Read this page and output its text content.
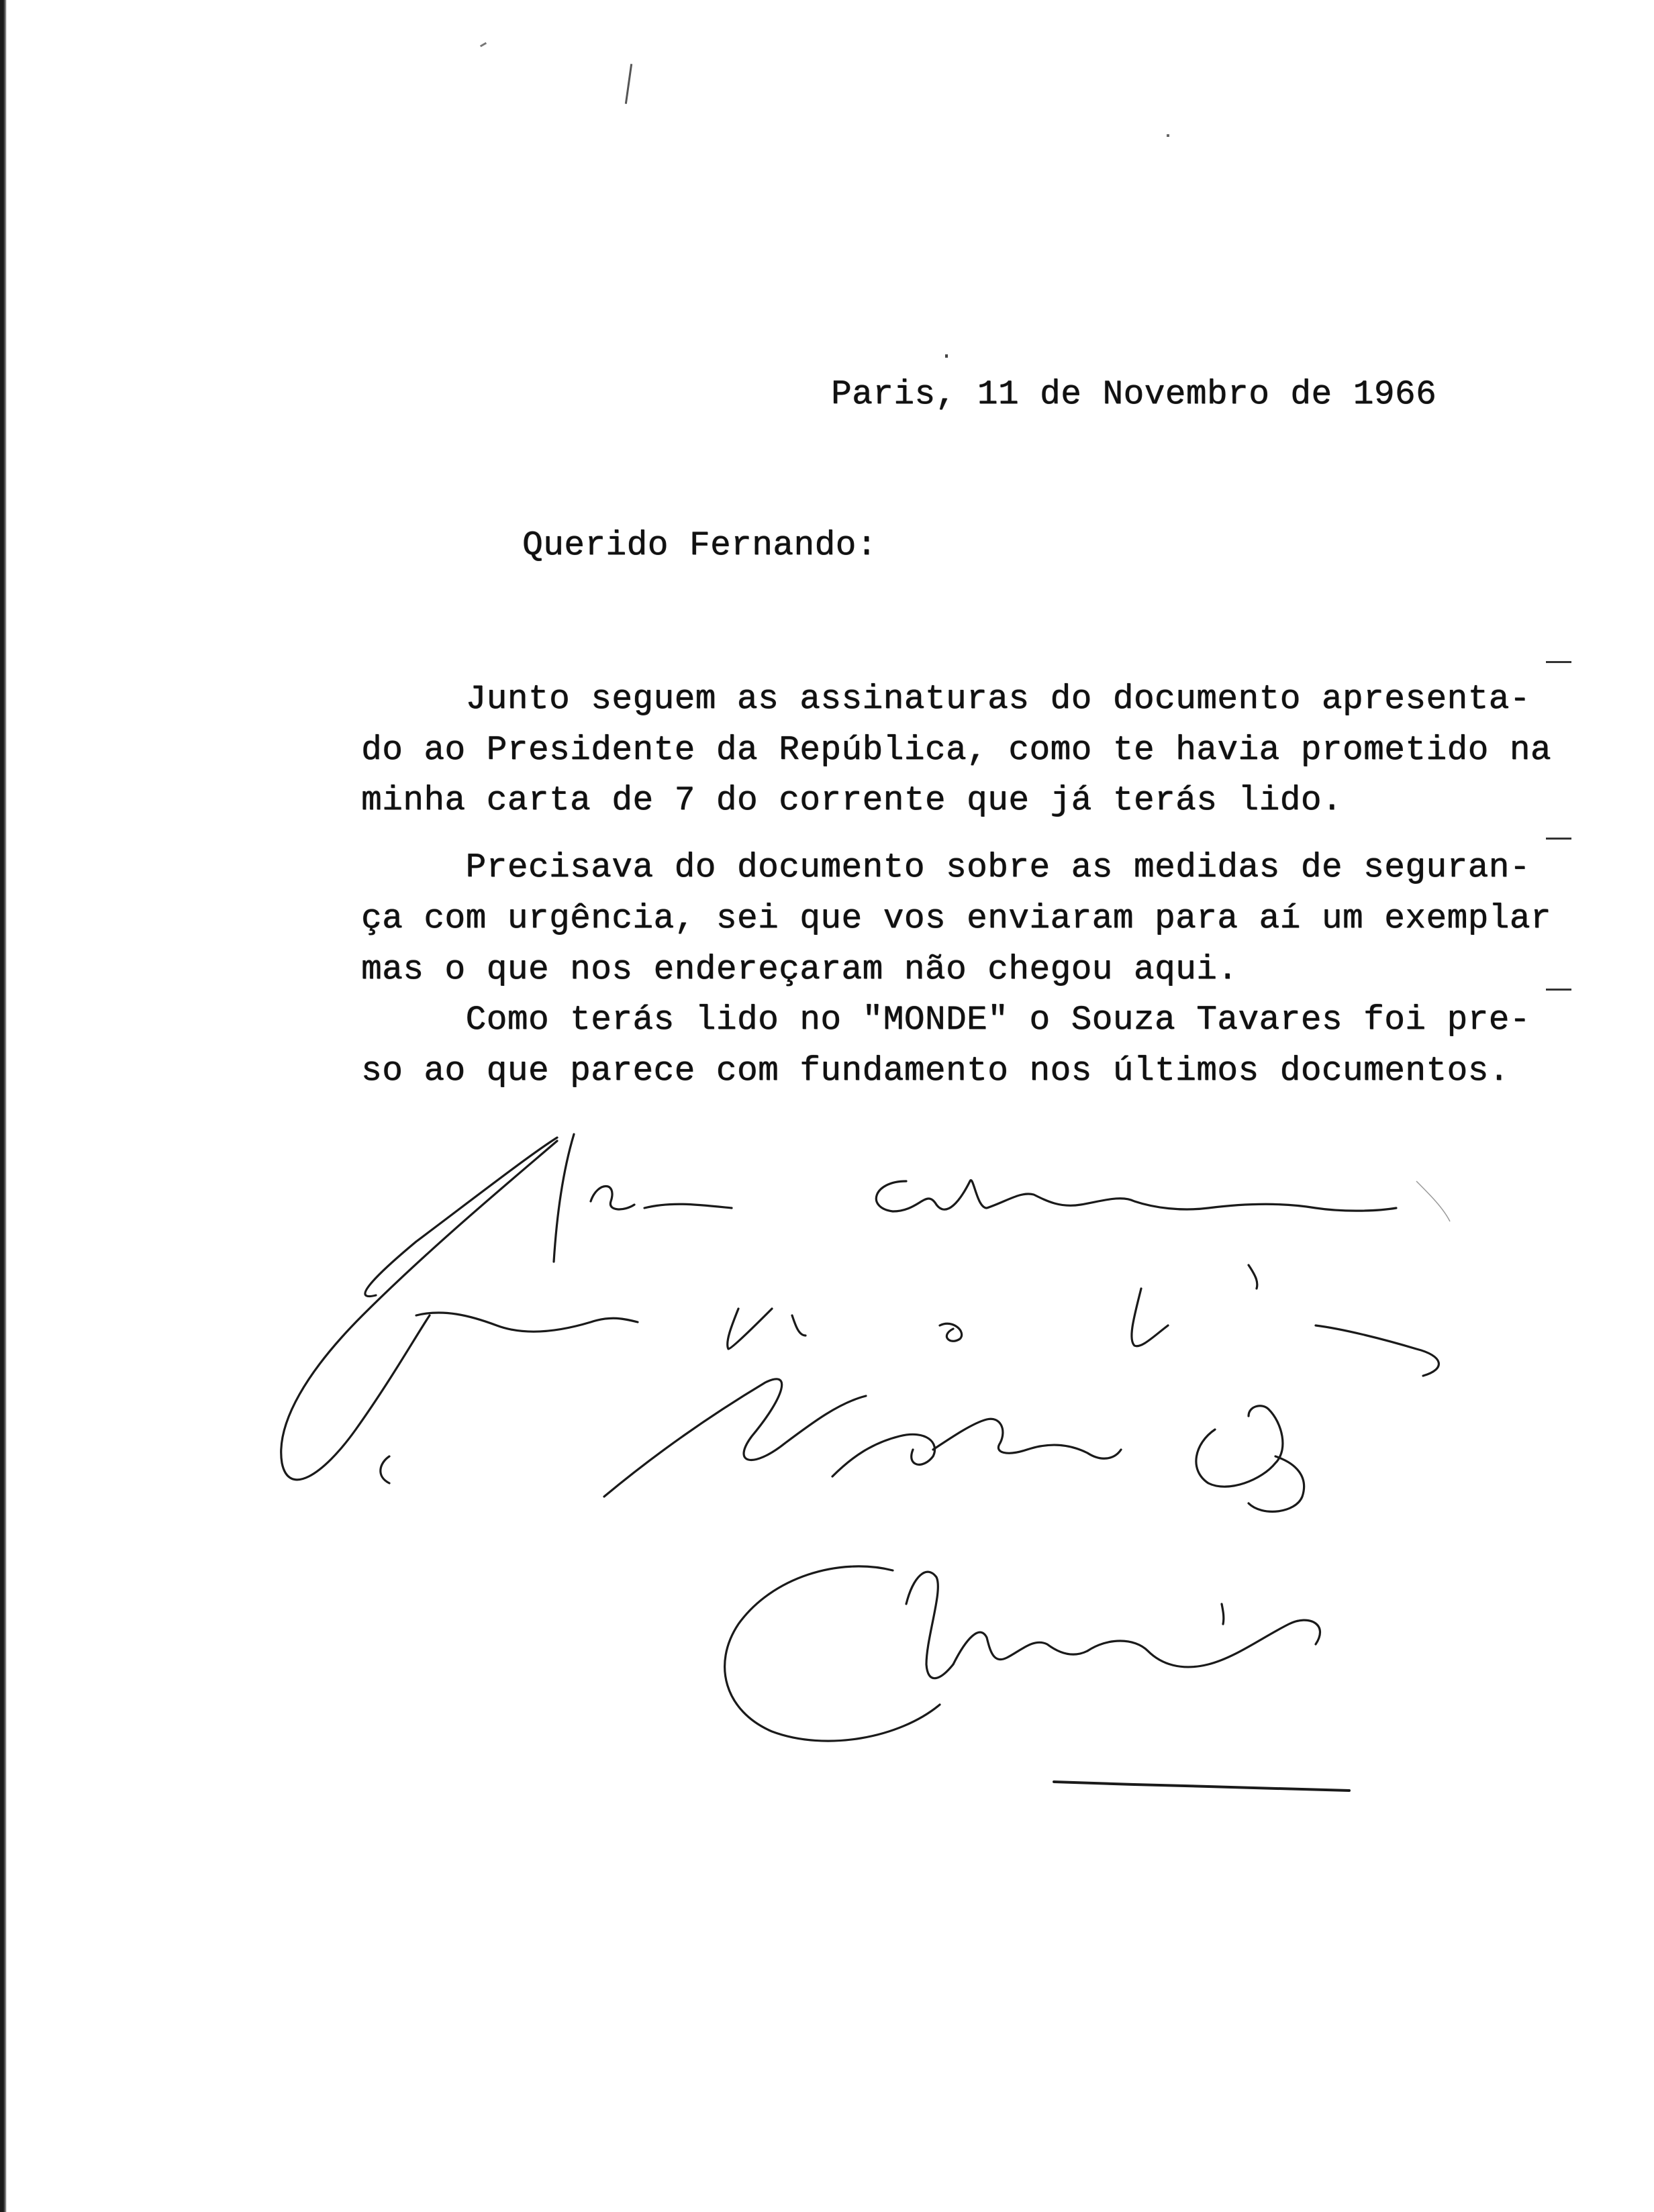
Paris, 11 de Novembro de 1966
Querido Fernando:
Junto seguem as assinaturas do documento apresenta-
do ao Presidente da República, como te havia prometido na
minha carta de 7 do corrente que já terás lido.
Precisava do documento sobre as medidas de seguran-
ça com urgência, sei que vos enviaram para aí um exemplar
mas o que nos endereçaram não chegou aqui.
Como terás lido no "MONDE" o Souza Tavares foi pre-
so ao que parece com fundamento nos últimos documentos.
